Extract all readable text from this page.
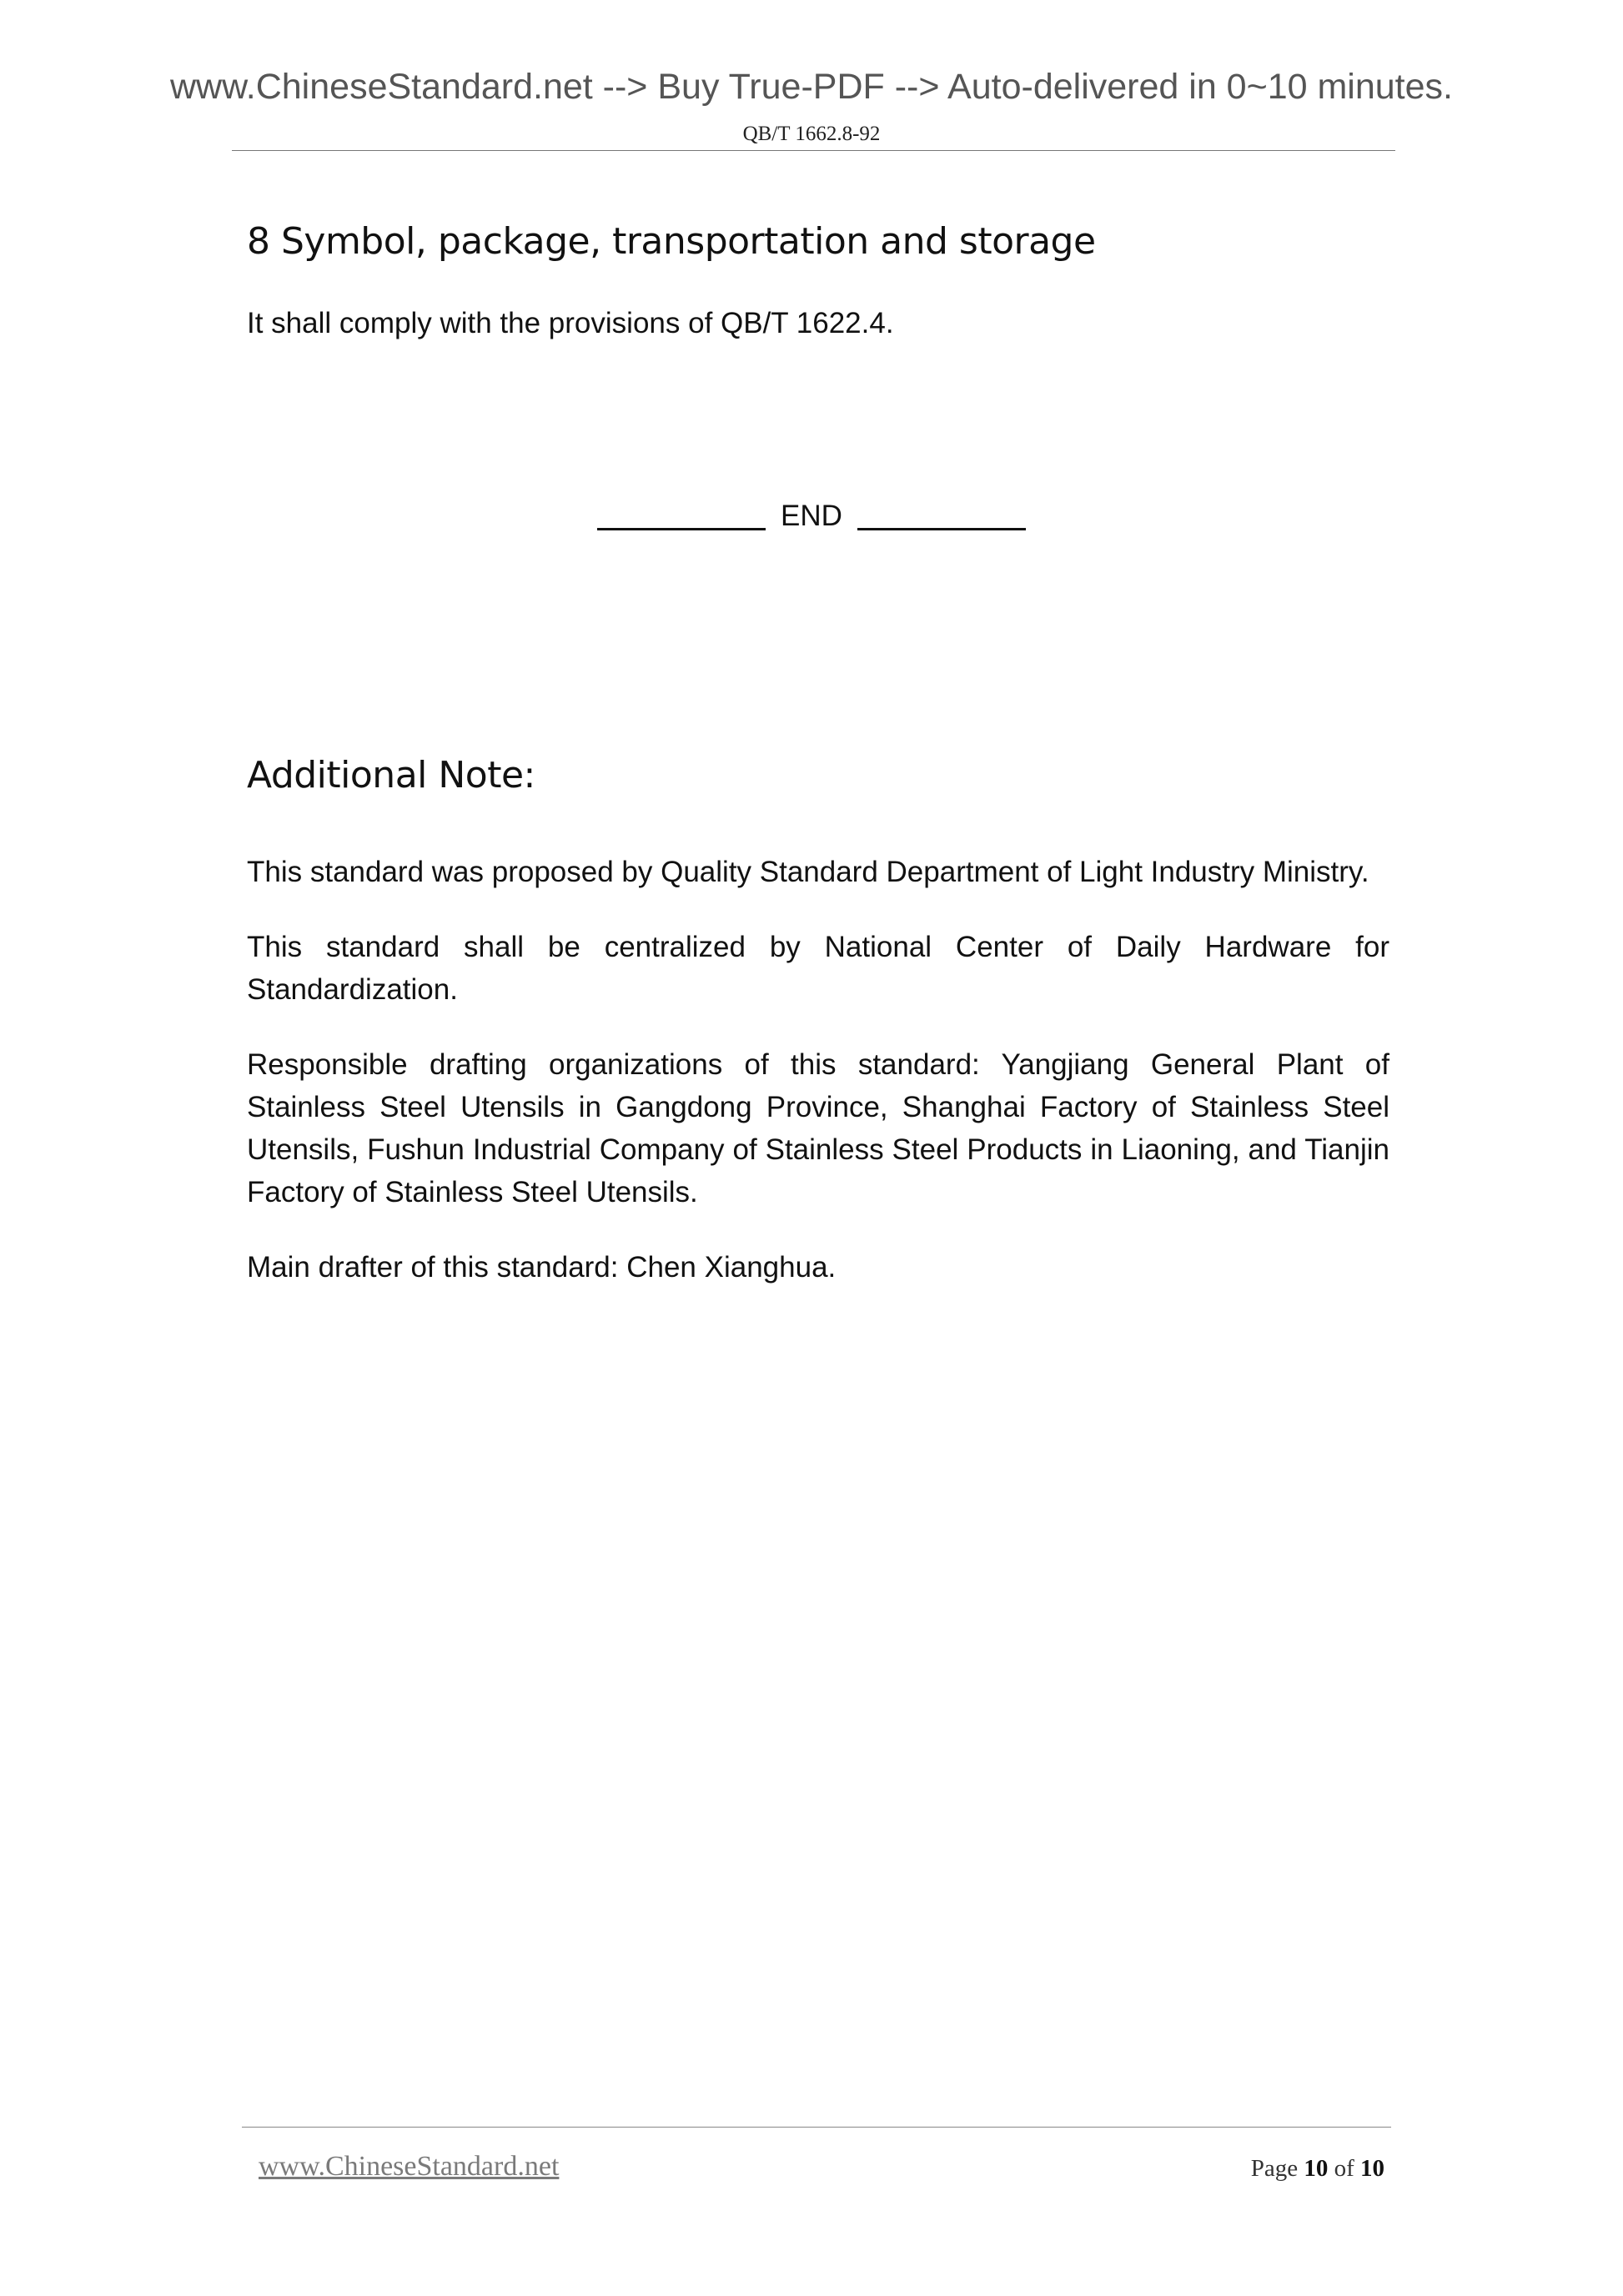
www.ChineseStandard.net --> Buy True-PDF --> Auto-delivered in 0~10 minutes.
QB/T 1662.8-92
8 Symbol, package, transportation and storage

It shall comply with the provisions of QB/T 1622.4.

END
Additional Note:

This standard was proposed by Quality Standard Department of Light Industry Ministry.

This standard shall be centralized by National Center of Daily Hardware for Standardization.

Responsible drafting organizations of this standard: Yangjiang General Plant of Stainless Steel Utensils in Gangdong Province, Shanghai Factory of Stainless Steel Utensils, Fushun Industrial Company of Stainless Steel Products in Liaoning, and Tianjin Factory of Stainless Steel Utensils.

Main drafter of this standard: Chen Xianghua.

www.ChineseStandard.net	Page 10 of 10
